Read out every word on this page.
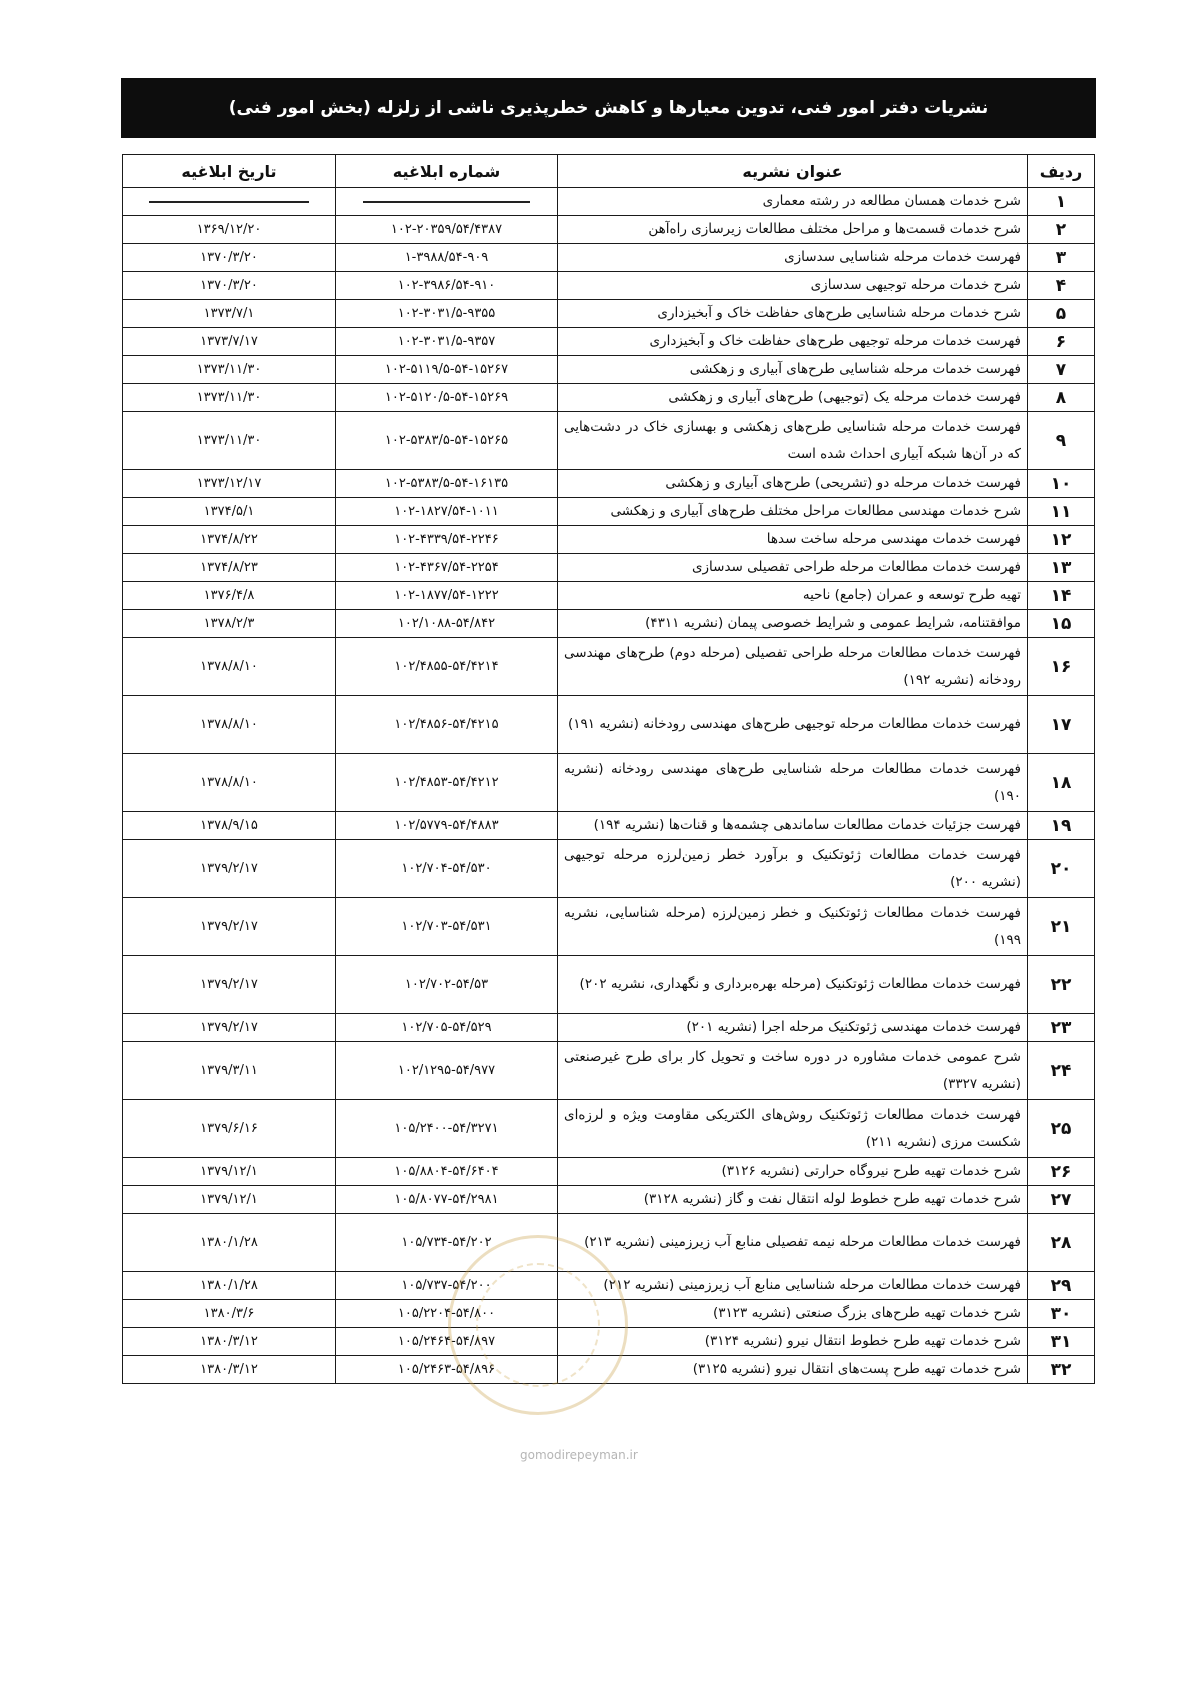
نشریات دفتر امور فنی، تدوین معیارها و کاهش خطرپذیری ناشی از زلزله (بخش امور فنی)
ردیف	عنوان نشریه	شماره ابلاغیه	تاریخ ابلاغیه
۱	شرح خدمات همسان مطالعه در رشته معماری	

۲	شرح خدمات قسمت‌ها و مراحل مختلف مطالعات زیرسازی راه‌آهن	۱۰۲-۲۰۳۵۹/۵۴/۴۳۸۷	۱۳۶۹/۱۲/۲۰
۳	فهرست خدمات مرحله شناسایی سدسازی	۱-۳۹۸۸/۵۴-۹۰۹	۱۳۷۰/۳/۲۰
۴	شرح خدمات مرحله توجیهی سدسازی	۱۰۲-۳۹۸۶/۵۴-۹۱۰	۱۳۷۰/۳/۲۰
۵	شرح خدمات مرحله شناسایی طرح‌های حفاظت خاک و آبخیزداری	۱۰۲-۳۰۳۱/۵-۹۳۵۵	۱۳۷۳/۷/۱
۶	فهرست خدمات مرحله توجیهی طرح‌های حفاظت خاک و آبخیزداری	۱۰۲-۳۰۳۱/۵-۹۳۵۷	۱۳۷۳/۷/۱۷
۷	فهرست خدمات مرحله شناسایی طرح‌های آبیاری و زهکشی	۱۰۲-۵۱۱۹/۵-۵۴-۱۵۲۶۷	۱۳۷۳/۱۱/۳۰
۸	فهرست خدمات مرحله یک (توجیهی) طرح‌های آبیاری و زهکشی	۱۰۲-۵۱۲۰/۵-۵۴-۱۵۲۶۹	۱۳۷۳/۱۱/۳۰
۹	فهرست خدمات مرحله شناسایی طرح‌های زهکشی و بهسازی خاک در دشت‌هایی که در آن‌ها شبکه آبیاری احداث شده است	۱۰۲-۵۳۸۳/۵-۵۴-۱۵۲۶۵	۱۳۷۳/۱۱/۳۰
۱۰	فهرست خدمات مرحله دو (تشریحی) طرح‌های آبیاری و زهکشی	۱۰۲-۵۳۸۳/۵-۵۴-۱۶۱۳۵	۱۳۷۳/۱۲/۱۷
۱۱	شرح خدمات مهندسی مطالعات مراحل مختلف طرح‌های آبیاری و زهکشی	۱۰۲-۱۸۲۷/۵۴-۱۰۱۱	۱۳۷۴/۵/۱
۱۲	فهرست خدمات مهندسی مرحله ساخت سدها	۱۰۲-۴۳۳۹/۵۴-۲۲۴۶	۱۳۷۴/۸/۲۲
۱۳	فهرست خدمات مطالعات مرحله طراحی تفصیلی سدسازی	۱۰۲-۴۳۶۷/۵۴-۲۲۵۴	۱۳۷۴/۸/۲۳
۱۴	تهیه طرح توسعه و عمران (جامع) ناحیه	۱۰۲-۱۸۷۷/۵۴-۱۲۲۲	۱۳۷۶/۴/۸
۱۵	موافقتنامه، شرایط عمومی و شرایط خصوصی پیمان (نشریه ۴۳۱۱)	۱۰۲/۱۰۸۸-۵۴/۸۴۲	۱۳۷۸/۲/۳
۱۶	فهرست خدمات مطالعات مرحله طراحی تفصیلی (مرحله دوم) طرح‌های مهندسی رودخانه (نشریه ۱۹۲)	۱۰۲/۴۸۵۵-۵۴/۴۲۱۴	۱۳۷۸/۸/۱۰
۱۷	فهرست خدمات مطالعات مرحله توجیهی طرح‌های مهندسی رودخانه (نشریه ۱۹۱)	۱۰۲/۴۸۵۶-۵۴/۴۲۱۵	۱۳۷۸/۸/۱۰
۱۸	فهرست خدمات مطالعات مرحله شناسایی طرح‌های مهندسی رودخانه (نشریه ۱۹۰)	۱۰۲/۴۸۵۳-۵۴/۴۲۱۲	۱۳۷۸/۸/۱۰
۱۹	فهرست جزئیات خدمات مطالعات ساماندهی چشمه‌ها و قنات‌ها (نشریه ۱۹۴)	۱۰۲/۵۷۷۹-۵۴/۴۸۸۳	۱۳۷۸/۹/۱۵
۲۰	فهرست خدمات مطالعات ژئوتکنیک و برآورد خطر زمین‌لرزه مرحله توجیهی (نشریه ۲۰۰)	۱۰۲/۷۰۴-۵۴/۵۳۰	۱۳۷۹/۲/۱۷
۲۱	فهرست خدمات مطالعات ژئوتکنیک و خطر زمین‌لرزه (مرحله شناسایی، نشریه ۱۹۹)	۱۰۲/۷۰۳-۵۴/۵۳۱	۱۳۷۹/۲/۱۷
۲۲	فهرست خدمات مطالعات ژئوتکنیک (مرحله بهره‌برداری و نگهداری، نشریه ۲۰۲)	۱۰۲/۷۰۲-۵۴/۵۳	۱۳۷۹/۲/۱۷
۲۳	فهرست خدمات مهندسی ژئوتکنیک مرحله اجرا (نشریه ۲۰۱)	۱۰۲/۷۰۵-۵۴/۵۲۹	۱۳۷۹/۲/۱۷
۲۴	شرح عمومی خدمات مشاوره در دوره ساخت و تحویل کار برای طرح غیرصنعتی (نشریه ۳۳۲۷)	۱۰۲/۱۲۹۵-۵۴/۹۷۷	۱۳۷۹/۳/۱۱
۲۵	فهرست خدمات مطالعات ژئوتکنیک روش‌های الکتریکی مقاومت ویژه و لرزه‌ای شکست مرزی (نشریه ۲۱۱)	۱۰۵/۲۴۰۰-۵۴/۳۲۷۱	۱۳۷۹/۶/۱۶
۲۶	شرح خدمات تهیه طرح نیروگاه حرارتی (نشریه ۳۱۲۶)	۱۰۵/۸۸۰۴-۵۴/۶۴۰۴	۱۳۷۹/۱۲/۱
۲۷	شرح خدمات تهیه طرح خطوط لوله انتقال نفت و گاز (نشریه ۳۱۲۸)	۱۰۵/۸۰۷۷-۵۴/۲۹۸۱	۱۳۷۹/۱۲/۱
۲۸	فهرست خدمات مطالعات مرحله نیمه تفصیلی منابع آب زیرزمینی (نشریه ۲۱۳)	۱۰۵/۷۳۴-۵۴/۲۰۲	۱۳۸۰/۱/۲۸
۲۹	فهرست خدمات مطالعات مرحله شناسایی منابع آب زیرزمینی (نشریه ۲۱۲)	۱۰۵/۷۳۷-۵۴/۲۰۰	۱۳۸۰/۱/۲۸
۳۰	شرح خدمات تهیه طرح‌های بزرگ صنعتی (نشریه ۳۱۲۳)	۱۰۵/۲۲۰۴-۵۴/۸۰۰	۱۳۸۰/۳/۶
۳۱	شرح خدمات تهیه طرح خطوط انتقال نیرو (نشریه ۳۱۲۴)	۱۰۵/۲۴۶۴-۵۴/۸۹۷	۱۳۸۰/۳/۱۲
۳۲	شرح خدمات تهیه طرح پست‌های انتقال نیرو (نشریه ۳۱۲۵)	۱۰۵/۲۴۶۳-۵۴/۸۹۶	۱۳۸۰/۳/۱۲
gomodirepeyman.ir
